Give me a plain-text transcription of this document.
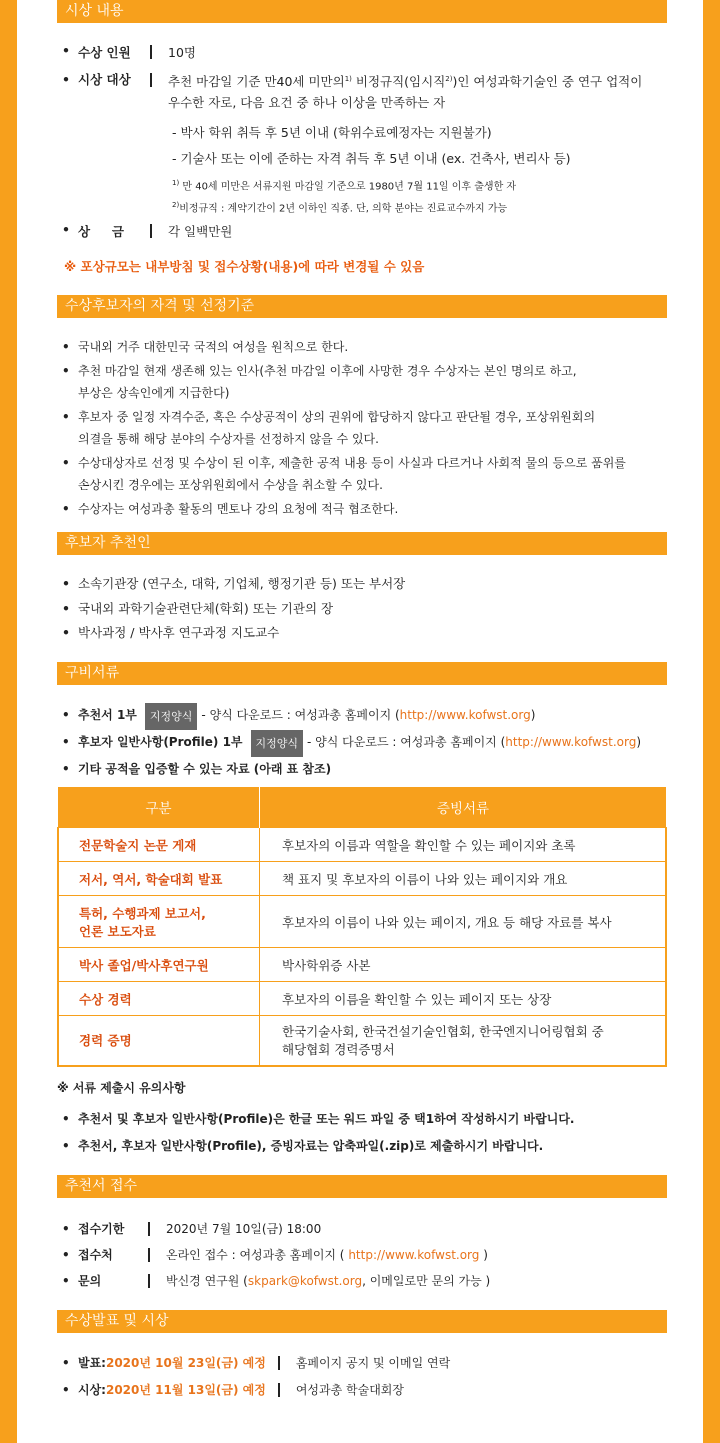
시상 내용
• 수상 인원	10명
• 시상 대상	추천 마감일 기준 만40세 미만의$^{1)}$ 비정규직(임시직$^{2)}$)인 여성과학기술인 중 연구 업적이
우수한 자로, 다음 요건 중 하나 이상을 만족하는 자
- 박사 학위 취득 후 5년 이내 (학위수료예정자는 지원불가)
- 기술사 또는 이에 준하는 자격 취득 후 5년 이내 (ex. 건축사, 변리사 등)
$^{1)}$ 만 40세 미만은 서류지원 마감일 기준으로 1980년 7월 11일 이후 출생한 자
$^{2)}$비정규직 : 계약기간이 2년 이하인 직종. 단, 의학 분야는 진료교수까지 가능
• 상     금	각 일백만원
※ 포상규모는 내부방침 및 접수상황(내용)에 따라 변경될 수 있음
수상후보자의 자격 및 선정기준
• 국내외 거주 대한민국 국적의 여성을 원칙으로 한다.
• 추천 마감일 현재 생존해 있는 인사(추천 마감일 이후에 사망한 경우 수상자는 본인 명의로 하고,
부상은 상속인에게 지급한다)
• 후보자 중 일정 자격수준, 혹은 수상공적이 상의 권위에 합당하지 않다고 판단될 경우, 포상위원회의
의결을 통해 해당 분야의 수상자를 선정하지 않을 수 있다.
• 수상대상자로 선정 및 수상이 된 이후, 제출한 공적 내용 등이 사실과 다르거나 사회적 물의 등으로 품위를
손상시킨 경우에는 포상위원회에서 수상을 취소할 수 있다.
• 수상자는 여성과총 활동의 멘토나 강의 요청에 적극 협조한다.
후보자 추천인
• 소속기관장 (연구소, 대학, 기업체, 행정기관 등) 또는 부서장
• 국내외 과학기술관련단체(학회) 또는 기관의 장
• 박사과정 / 박사후 연구과정 지도교수
구비서류
• 추천서 1부	지정양식 - 양식 다운로드 : 여성과총 홈페이지 ( http://www.kofwst.org )
• 후보자 일반사항(Profile) 1부	지정양식 - 양식 다운로드 : 여성과총 홈페이지 ( http://www.kofwst.org )
• 기타 공적을 입증할 수 있는 자료 (아래 표 참조)
구분	증빙서류
전문학술지 논문 게재	후보자의 이름과 역할을 확인할 수 있는 페이지와 초록
저서, 역서, 학술대회 발표	책 표지 및 후보자의 이름이 나와 있는 페이지와 개요
특허, 수행과제 보고서,
언론 보도자료	후보자의 이름이 나와 있는 페이지, 개요 등 해당 자료를 복사
박사 졸업/박사후연구원	박사학위증 사본
수상 경력	후보자의 이름을 확인할 수 있는 페이지 또는 상장
경력 증명	한국기술사회, 한국건설기술인협회, 한국엔지니어링협회 중
해당협회 경력증명서
※ 서류 제출시 유의사항
• 추천서 및 후보자 일반사항(Profile)은 한글 또는 워드 파일 중 택1하여 작성하시기 바랍니다.
• 추천서, 후보자 일반사항(Profile), 증빙자료는 압축파일(.zip)로 제출하시기 바랍니다.
추천서 접수
• 접수기한	2020년 7월 10일(금) 18:00
• 접수처	온라인 접수 : 여성과총 홈페이지 ( http://www.kofwst.org )
• 문의	박신경 연구원 (skpark@kofwst.org, 이메일로만 문의 가능 )
수상발표 및 시상
• 발표: 2020년 10월 23일(금) 예정	홈페이지 공지 및 이메일 연락
• 시상: 2020년 11월 13일(금) 예정	여성과총 학술대회장
